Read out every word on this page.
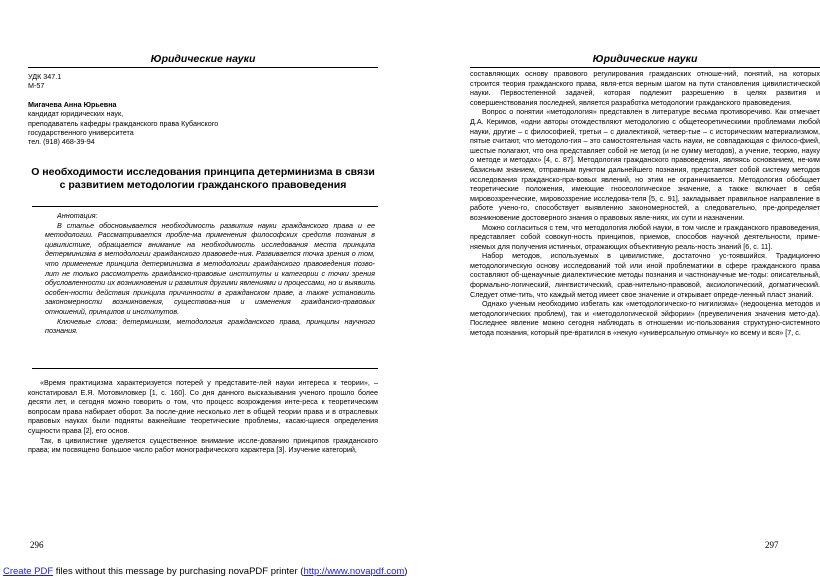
Юридические науки
УДК 347.1
М-57
Мигачева Анна Юрьевна
кандидат юридических наук,
преподаватель кафедры гражданского права Кубанского
государственного университета
тел. (918) 468-39-94
О необходимости исследования принципа детерминизма в связи с развитием методологии гражданского правоведения
Аннотация:

В статье обосновывается необходимость развития науки гражданского права и ее методологии. Рассматривается пробле-ма применения философских средств познания в цивилистике, обращается внимание на необходимость исследования места принципа детерминизма в методологии гражданского правоведе-ния. Развивается точка зрения о том, что применение принципа детерминизма в методологии гражданского правоведения позво-лит не только рассмотреть гражданско-правовые институты и категории с точки зрения обусловленности их возникновения и развития другими явлениями и процессами, но и выявить особен-ности действия принципа причинности в гражданском праве, а также установить закономерности возникновения, существова-ния и изменения гражданско-правовых отношений, принципов и институтов.

Ключевые слова: детерминизм, методология гражданского права, принципы научного познания.

«Время практицизма характеризуется потерей у представите-лей науки интереса к теории», – констатировал Е.Я. Мотовиловкер [1, с. 160]. Со дня данного высказывания ученого прошло более десяти лет, и сегодня можно говорить о том, что процесс возрождения инте-реса к теоретическим вопросам права набирает оборот. За после-дние несколько лет в общей теории права и в отраслевых правовых науках были подняты важнейшие теоретические проблемы, касаю-щиеся определения сущности права [2], его основ.

Так, в цивилистике уделяется существенное внимание иссле-дованию принципов гражданского права; им посвящено большое число работ монографического характера [3]. Изучение категорий,

296
Юридические науки

составляющих основу правового регулирования гражданских отноше-ний, понятий, на которых строится теория гражданского права, явля-ется верным шагом на пути становления цивилистической науки. Первостепенной задачей, которая подлежит разрешению в целях развития и совершенствования последней, является разработка методологии гражданского правоведения.

Вопрос о понятии «методология» представлен в литературе весьма противоречиво. Как отмечает Д.А. Керимов, «одни авторы отождествляют методологию с общетеоретическими проблемами любой науки, другие – с философией, третьи – с диалектикой, четвер-тые – с историческим материализмом, пятые считают, что методоло-гия – это самостоятельная часть науки, не совпадающая с филосо-фией, шестые полагают, что она представляет собой не метод (и не сумму методов), а учение, теорию, науку о методе и методах» [4, с. 87]. Методология гражданского правоведения, являясь основанием, не-ким базисным знанием, отправным пунктом дальнейшего познания, представляет собой систему методов исследования гражданско-пра-вовых явлений, но этим не ограничивается. Методология обобщает теоретические положения, имеющие гносеологическое значение, а также включает в себя мировоззренческие, мировоззрение исследова-теля [5, с. 91], закладывает правильное направление в работе учено-го, способствует выявлению закономерностей, а следовательно, пре-допределяет возникновение достоверного знания о правовых явле-ниях, их сути и назначении.

Можно согласиться с тем, что методология любой науки, в том числе и гражданского правоведения, представляет собой совокуп-ность принципов, приемов, способов научной деятельности, приме-няемых для получения истинных, отражающих объективную реаль-ность знаний [6, с. 11].

Набор методов, используемых в цивилистике, достаточно ус-тоявшийся. Традиционно методологическую основу исследований той или иной проблематики в сфере гражданского права составляют об-щенаучные диалектические методы познания и частнонаучные ме-тоды: описательный, формально-логический, лингвистический, срав-нительно-правовой, аксиологический, догматический. Следует отме-тить, что каждый метод имеет свое значение и открывает опреде-ленный пласт знаний.

Однако ученым необходимо избегать как «методологическо-го нигилизма» (недооценка методов и методологических проблем), так и «методологической эйфории» (преувеличения значения мето-да). Последнее явление можно сегодня наблюдать в отношении ис-пользования структурно-системного метода познания, который пре-вратился в «некую «универсальную отмычку» ко всему и вся» [7, с.

297
Create PDF files without this message by purchasing novaPDF printer (http://www.novapdf.com)
